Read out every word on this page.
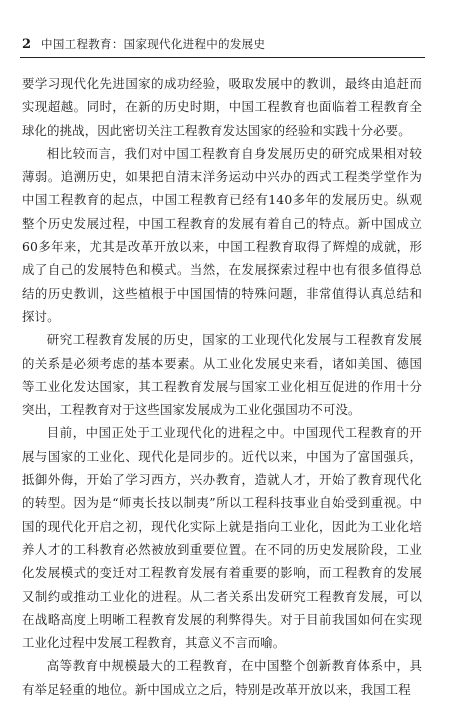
2 中国工程教育：国家现代化进程中的发展史

要学习现代化先进国家的成功经验，吸取发展中的教训，最终由追赶而实现超越。同时，在新的历史时期，中国工程教育也面临着工程教育全球化的挑战，因此密切关注工程教育发达国家的经验和实践十分必要。

相比较而言，我们对中国工程教育自身发展历史的研究成果相对较薄弱。追溯历史，如果把自清末洋务运动中兴办的西式工程类学堂作为中国工程教育的起点，中国工程教育已经有140多年的发展历史。纵观整个历史发展过程，中国工程教育的发展有着自己的特点。新中国成立60多年来，尤其是改革开放以来，中国工程教育取得了辉煌的成就，形成了自己的发展特色和模式。当然，在发展探索过程中也有很多值得总结的历史教训，这些植根于中国国情的特殊问题，非常值得认真总结和探讨。

研究工程教育发展的历史，国家的工业现代化发展与工程教育发展的关系是必须考虑的基本要素。从工业化发展史来看，诸如美国、德国等工业化发达国家，其工程教育发展与国家工业化相互促进的作用十分突出，工程教育对于这些国家发展成为工业化强国功不可没。

目前，中国正处于工业现代化的进程之中。中国现代工程教育的开展与国家的工业化、现代化是同步的。近代以来，中国为了富国强兵，抵御外侮，开始了学习西方，兴办教育，造就人才，开始了教育现代化的转型。因为是“师夷长技以制夷”所以工程科技事业自始受到重视。中国的现代化开启之初，现代化实际上就是指向工业化，因此为工业化培养人才的工科教育必然被放到重要位置。在不同的历史发展阶段，工业化发展模式的变迁对工程教育发展有着重要的影响，而工程教育的发展又制约或推动工业化的进程。从二者关系出发研究工程教育发展，可以在战略高度上明晰工程教育发展的利弊得失。对于目前我国如何在实现工业化过程中发展工程教育，其意义不言而喻。

高等教育中规模最大的工程教育，在中国整个创新教育体系中，具有举足轻重的地位。新中国成立之后，特别是改革开放以来，我国工程
